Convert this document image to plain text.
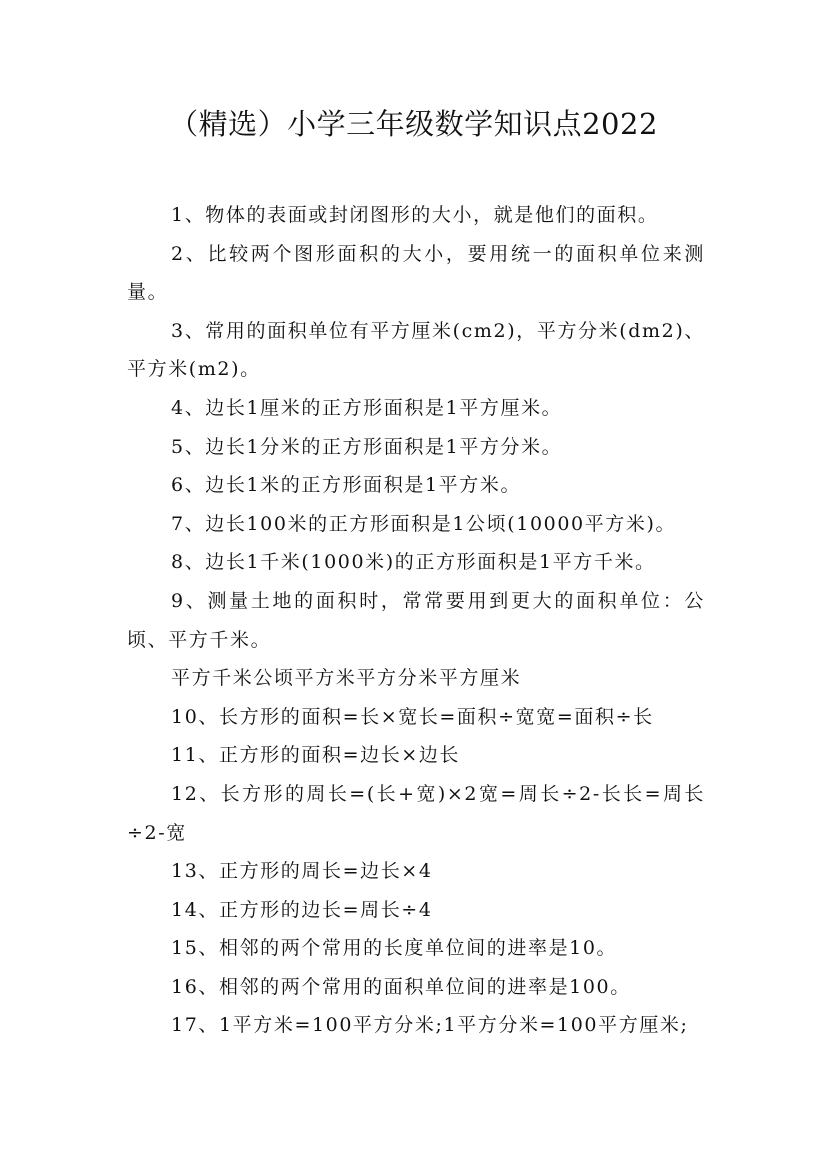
（精选）小学三年级数学知识点2022

1、物体的表面或封闭图形的大小，就是他们的面积。

2、比较两个图形面积的大小，要用统一的面积单位来测量。

3、常用的面积单位有平方厘米(cm2)，平方分米(dm2)、平方米(m2)。

4、边长1厘米的正方形面积是1平方厘米。

5、边长1分米的正方形面积是1平方分米。

6、边长1米的正方形面积是1平方米。

7、边长100米的正方形面积是1公顷(10000平方米)。

8、边长1千米(1000米)的正方形面积是1平方千米。

9、测量土地的面积时，常常要用到更大的面积单位：公顷、平方千米。

平方千米公顷平方米平方分米平方厘米

10、长方形的面积=长×宽长=面积÷宽宽=面积÷长

11、正方形的面积=边长×边长

12、长方形的周长=(长+宽)×2宽=周长÷2-长长=周长÷2-宽

13、正方形的周长=边长×4

14、正方形的边长=周长÷4

15、相邻的两个常用的长度单位间的进率是10。

16、相邻的两个常用的面积单位间的进率是100。

17、1平方米=100平方分米;1平方分米=100平方厘米;
